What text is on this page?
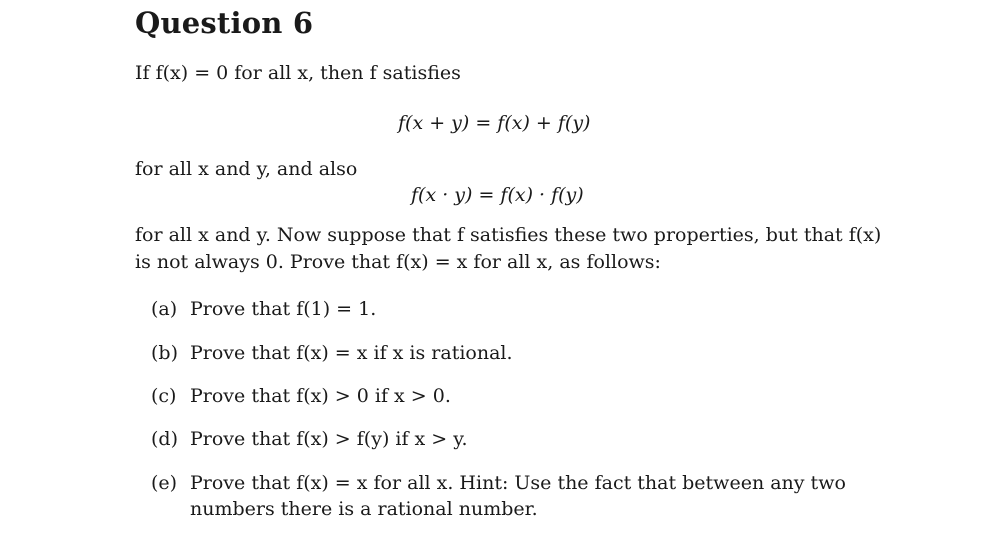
Question 6
If f(x) = 0 for all x, then f satisfies
f(x + y) = f(x) + f(y)
for all x and y, and also
f(x · y) = f(x) · f(y)
for all x and y. Now suppose that f satisfies these two properties, but that f(x)
is not always 0. Prove that f(x) = x for all x, as follows:
(a) Prove that f(1) = 1.
(b) Prove that f(x) = x if x is rational.
(c) Prove that f(x) > 0 if x > 0.
(d) Prove that f(x) > f(y) if x > y.
(e) Prove that f(x) = x for all x. Hint: Use the fact that between any two
numbers there is a rational number.
